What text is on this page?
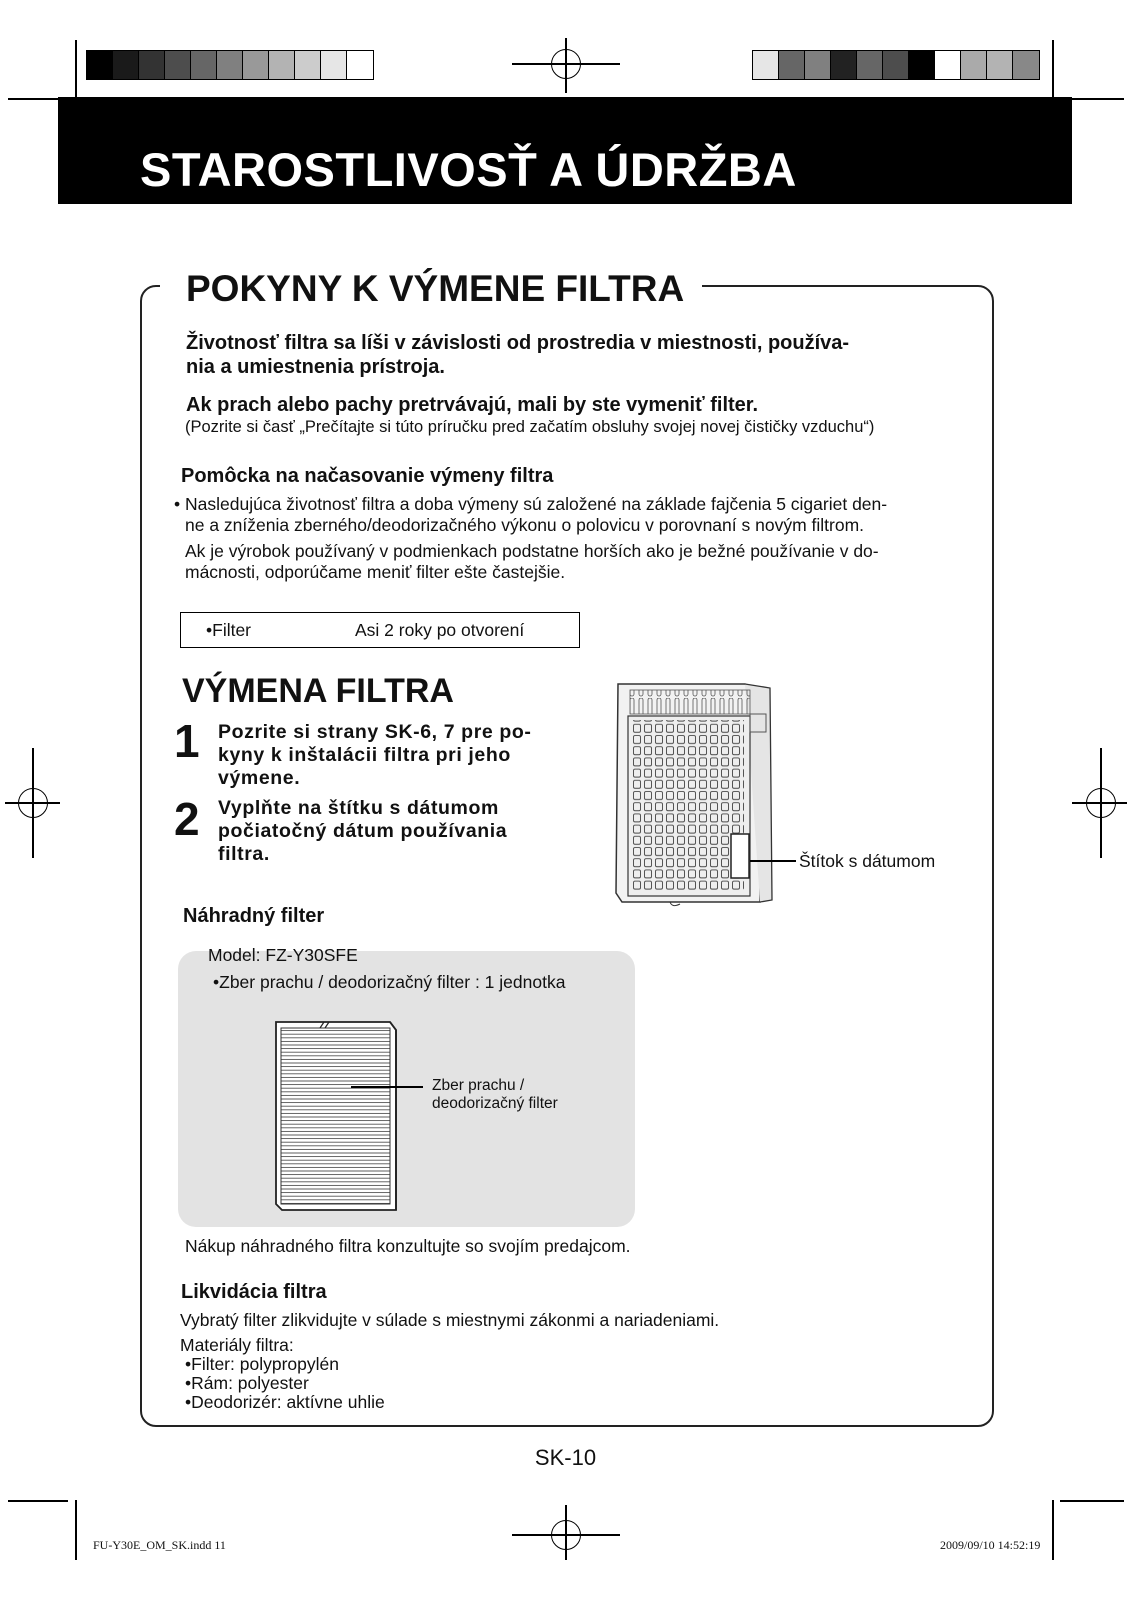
STAROSTLIVOSŤ A ÚDRŽBA
POKYNY K VÝMENE FILTRA
Životnosť filtra sa líši v závislosti od prostredia v miestnosti, používa-
nia a umiestnenia prístroja.
Ak prach alebo pachy pretrvávajú, mali by ste vymeniť filter.
(Pozrite si časť „Prečítajte si túto príručku pred začatím obsluhy svojej novej čističky vzduchu“)
Pomôcka na načasovanie výmeny filtra
• Nasledujúca životnosť filtra a doba výmeny sú založené na základe fajčenia 5 cigariet den-
ne a zníženia zberného/deodorizačného výkonu o polovicu v porovnaní s novým filtrom.
Ak je výrobok používaný v podmienkach podstatne horších ako je bežné používanie v do-
mácnosti, odporúčame meniť filter ešte častejšie.
•Filter	Asi 2 roky po otvorení
VÝMENA FILTRA
1 Pozrite si strany SK-6, 7 pre po-
kyny k inštalácii filtra pri jeho
výmene.
2 Vyplňte na štítku s dátumom
počiatočný dátum používania
filtra.	Štítok s dátumom
Náhradný filter
Model: FZ-Y30SFE
•Zber prachu / deodorizačný filter : 1 jednotka
Zber prachu /
deodorizačný filter
Nákup náhradného filtra konzultujte so svojím predajcom.
Likvidácia filtra
Vybratý filter zlikvidujte v súlade s miestnymi zákonmi a nariadeniami.
Materiály filtra:
•Filter: polypropylén
•Rám: polyester
•Deodorizér: aktívne uhlie
SK-10
FU-Y30E_OM_SK.indd 11	2009/09/10 14:52:19
